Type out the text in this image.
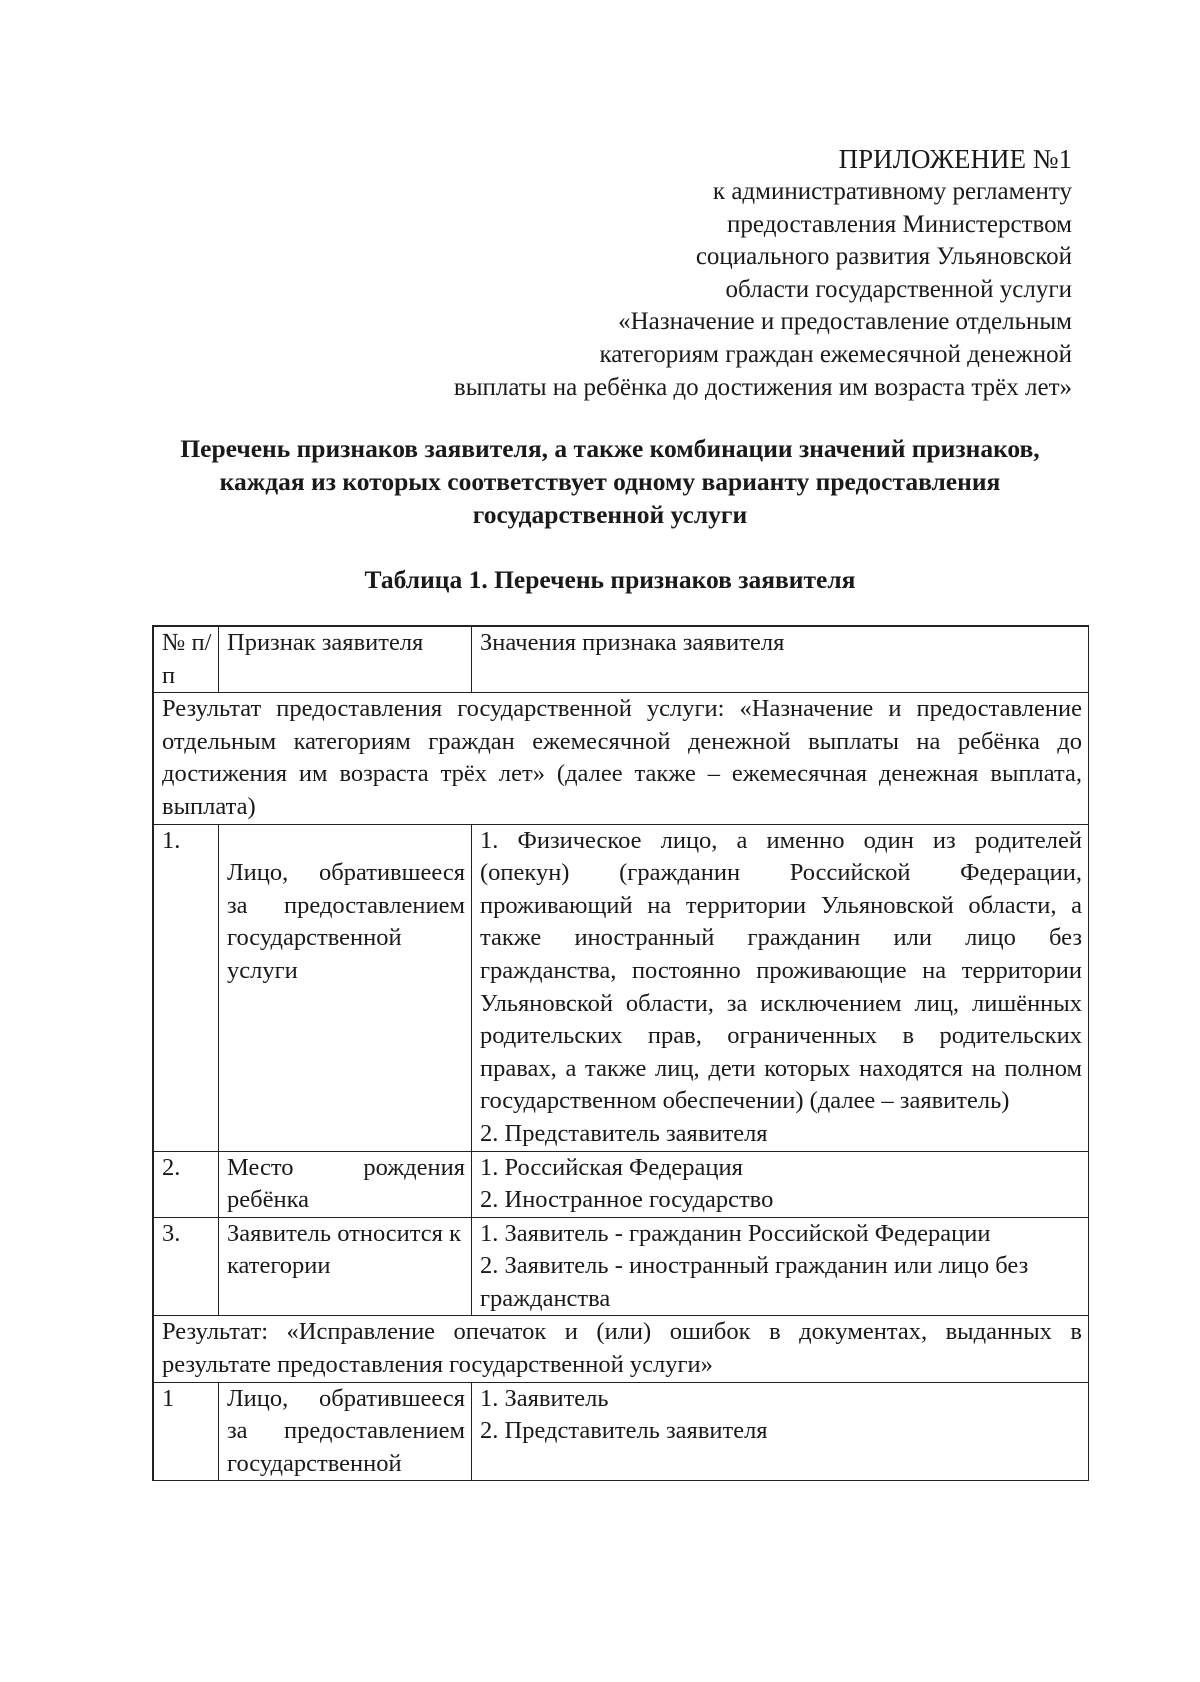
ПРИЛОЖЕНИЕ №1
к административному регламенту
предоставления Министерством
социального развития Ульяновской
области государственной услуги
«Назначение и предоставление отдельным
категориям граждан ежемесячной денежной
выплаты на ребёнка до достижения им возраста трёх лет»
Перечень признаков заявителя, а также комбинации значений признаков,
каждая из которых соответствует одному варианту предоставления
государственной услуги
Таблица 1. Перечень признаков заявителя
№ п/п	Признак заявителя	Значения признака заявителя
Результат предоставления государственной услуги: «Назначение и предоставление отдельным категориям граждан ежемесячной денежной выплаты на ребёнка до достижения им возраста трёх лет» (далее также – ежемесячная денежная выплата, выплата)		
1.	Лицо, обратившееся за предоставлением государственной услуги	1. Физическое лицо, а именно один из родителей (опекун) (гражданин Российской Федерации, проживающий на территории Ульяновской области, а также иностранный гражданин или лицо без гражданства, постоянно проживающие на территории Ульяновской области, за исключением лиц, лишённых родительских прав, ограниченных в родительских правах, а также лиц, дети которых находятся на полном государственном обеспечении) (далее – заявитель)
2. Представитель заявителя

2.	Место рождения ребёнка	1. Российская Федерация
2. Иностранное государство

3.	Заявитель относится к категории	1. Заявитель - гражданин Российской Федерации
2. Заявитель - иностранный гражданин или лицо без гражданства

Результат: «Исправление опечаток и (или) ошибок в документах, выданных в результате предоставления государственной услуги»		
1	Лицо, обратившееся за предоставлением государственной	1. Заявитель
2. Представитель заявителя
